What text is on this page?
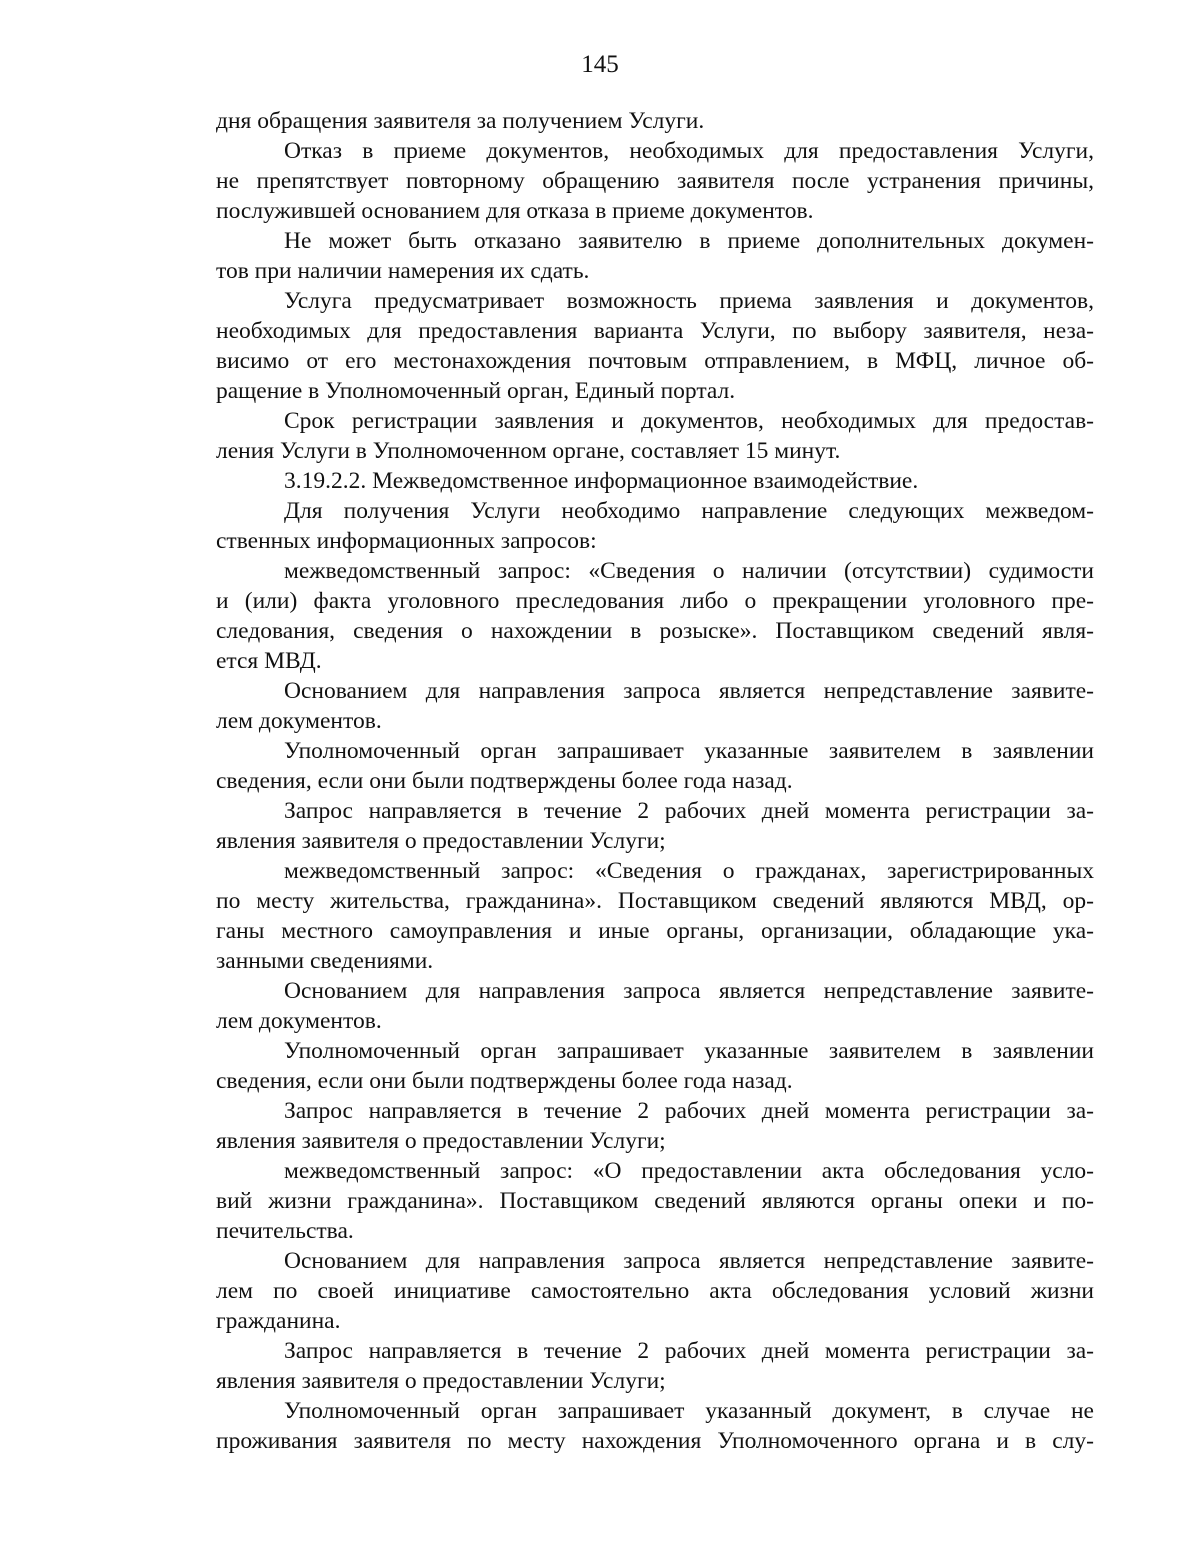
145
дня обращения заявителя за получением Услуги.
Отказ в приеме документов, необходимых для предоставления Услуги,
не препятствует повторному обращению заявителя после устранения причины,
послужившей основанием для отказа в приеме документов.
Не может быть отказано заявителю в приеме дополнительных докумен-
тов при наличии намерения их сдать.
Услуга предусматривает возможность приема заявления и документов,
необходимых для предоставления варианта Услуги, по выбору заявителя, неза-
висимо от его местонахождения почтовым отправлением, в МФЦ, личное об-
ращение в Уполномоченный орган, Единый портал.
Срок регистрации заявления и документов, необходимых для предостав-
ления Услуги в Уполномоченном органе, составляет 15 минут.
3.19.2.2. Межведомственное информационное взаимодействие.
Для получения Услуги необходимо направление следующих межведом-
ственных информационных запросов:
межведомственный запрос: «Сведения о наличии (отсутствии) судимости
и (или) факта уголовного преследования либо о прекращении уголовного пре-
следования, сведения о нахождении в розыске». Поставщиком сведений явля-
ется МВД.
Основанием для направления запроса является непредставление заявите-
лем документов.
Уполномоченный орган запрашивает указанные заявителем в заявлении
сведения, если они были подтверждены более года назад.
Запрос направляется в течение 2 рабочих дней момента регистрации за-
явления заявителя о предоставлении Услуги;
межведомственный запрос: «Сведения о гражданах, зарегистрированных
по месту жительства, гражданина». Поставщиком сведений являются МВД, ор-
ганы местного самоуправления и иные органы, организации, обладающие ука-
занными сведениями.
Основанием для направления запроса является непредставление заявите-
лем документов.
Уполномоченный орган запрашивает указанные заявителем в заявлении
сведения, если они были подтверждены более года назад.
Запрос направляется в течение 2 рабочих дней момента регистрации за-
явления заявителя о предоставлении Услуги;
межведомственный запрос: «О предоставлении акта обследования усло-
вий жизни гражданина». Поставщиком сведений являются органы опеки и по-
печительства.
Основанием для направления запроса является непредставление заявите-
лем по своей инициативе самостоятельно акта обследования условий жизни
гражданина.
Запрос направляется в течение 2 рабочих дней момента регистрации за-
явления заявителя о предоставлении Услуги;
Уполномоченный орган запрашивает указанный документ, в случае не
проживания заявителя по месту нахождения Уполномоченного органа и в слу-
